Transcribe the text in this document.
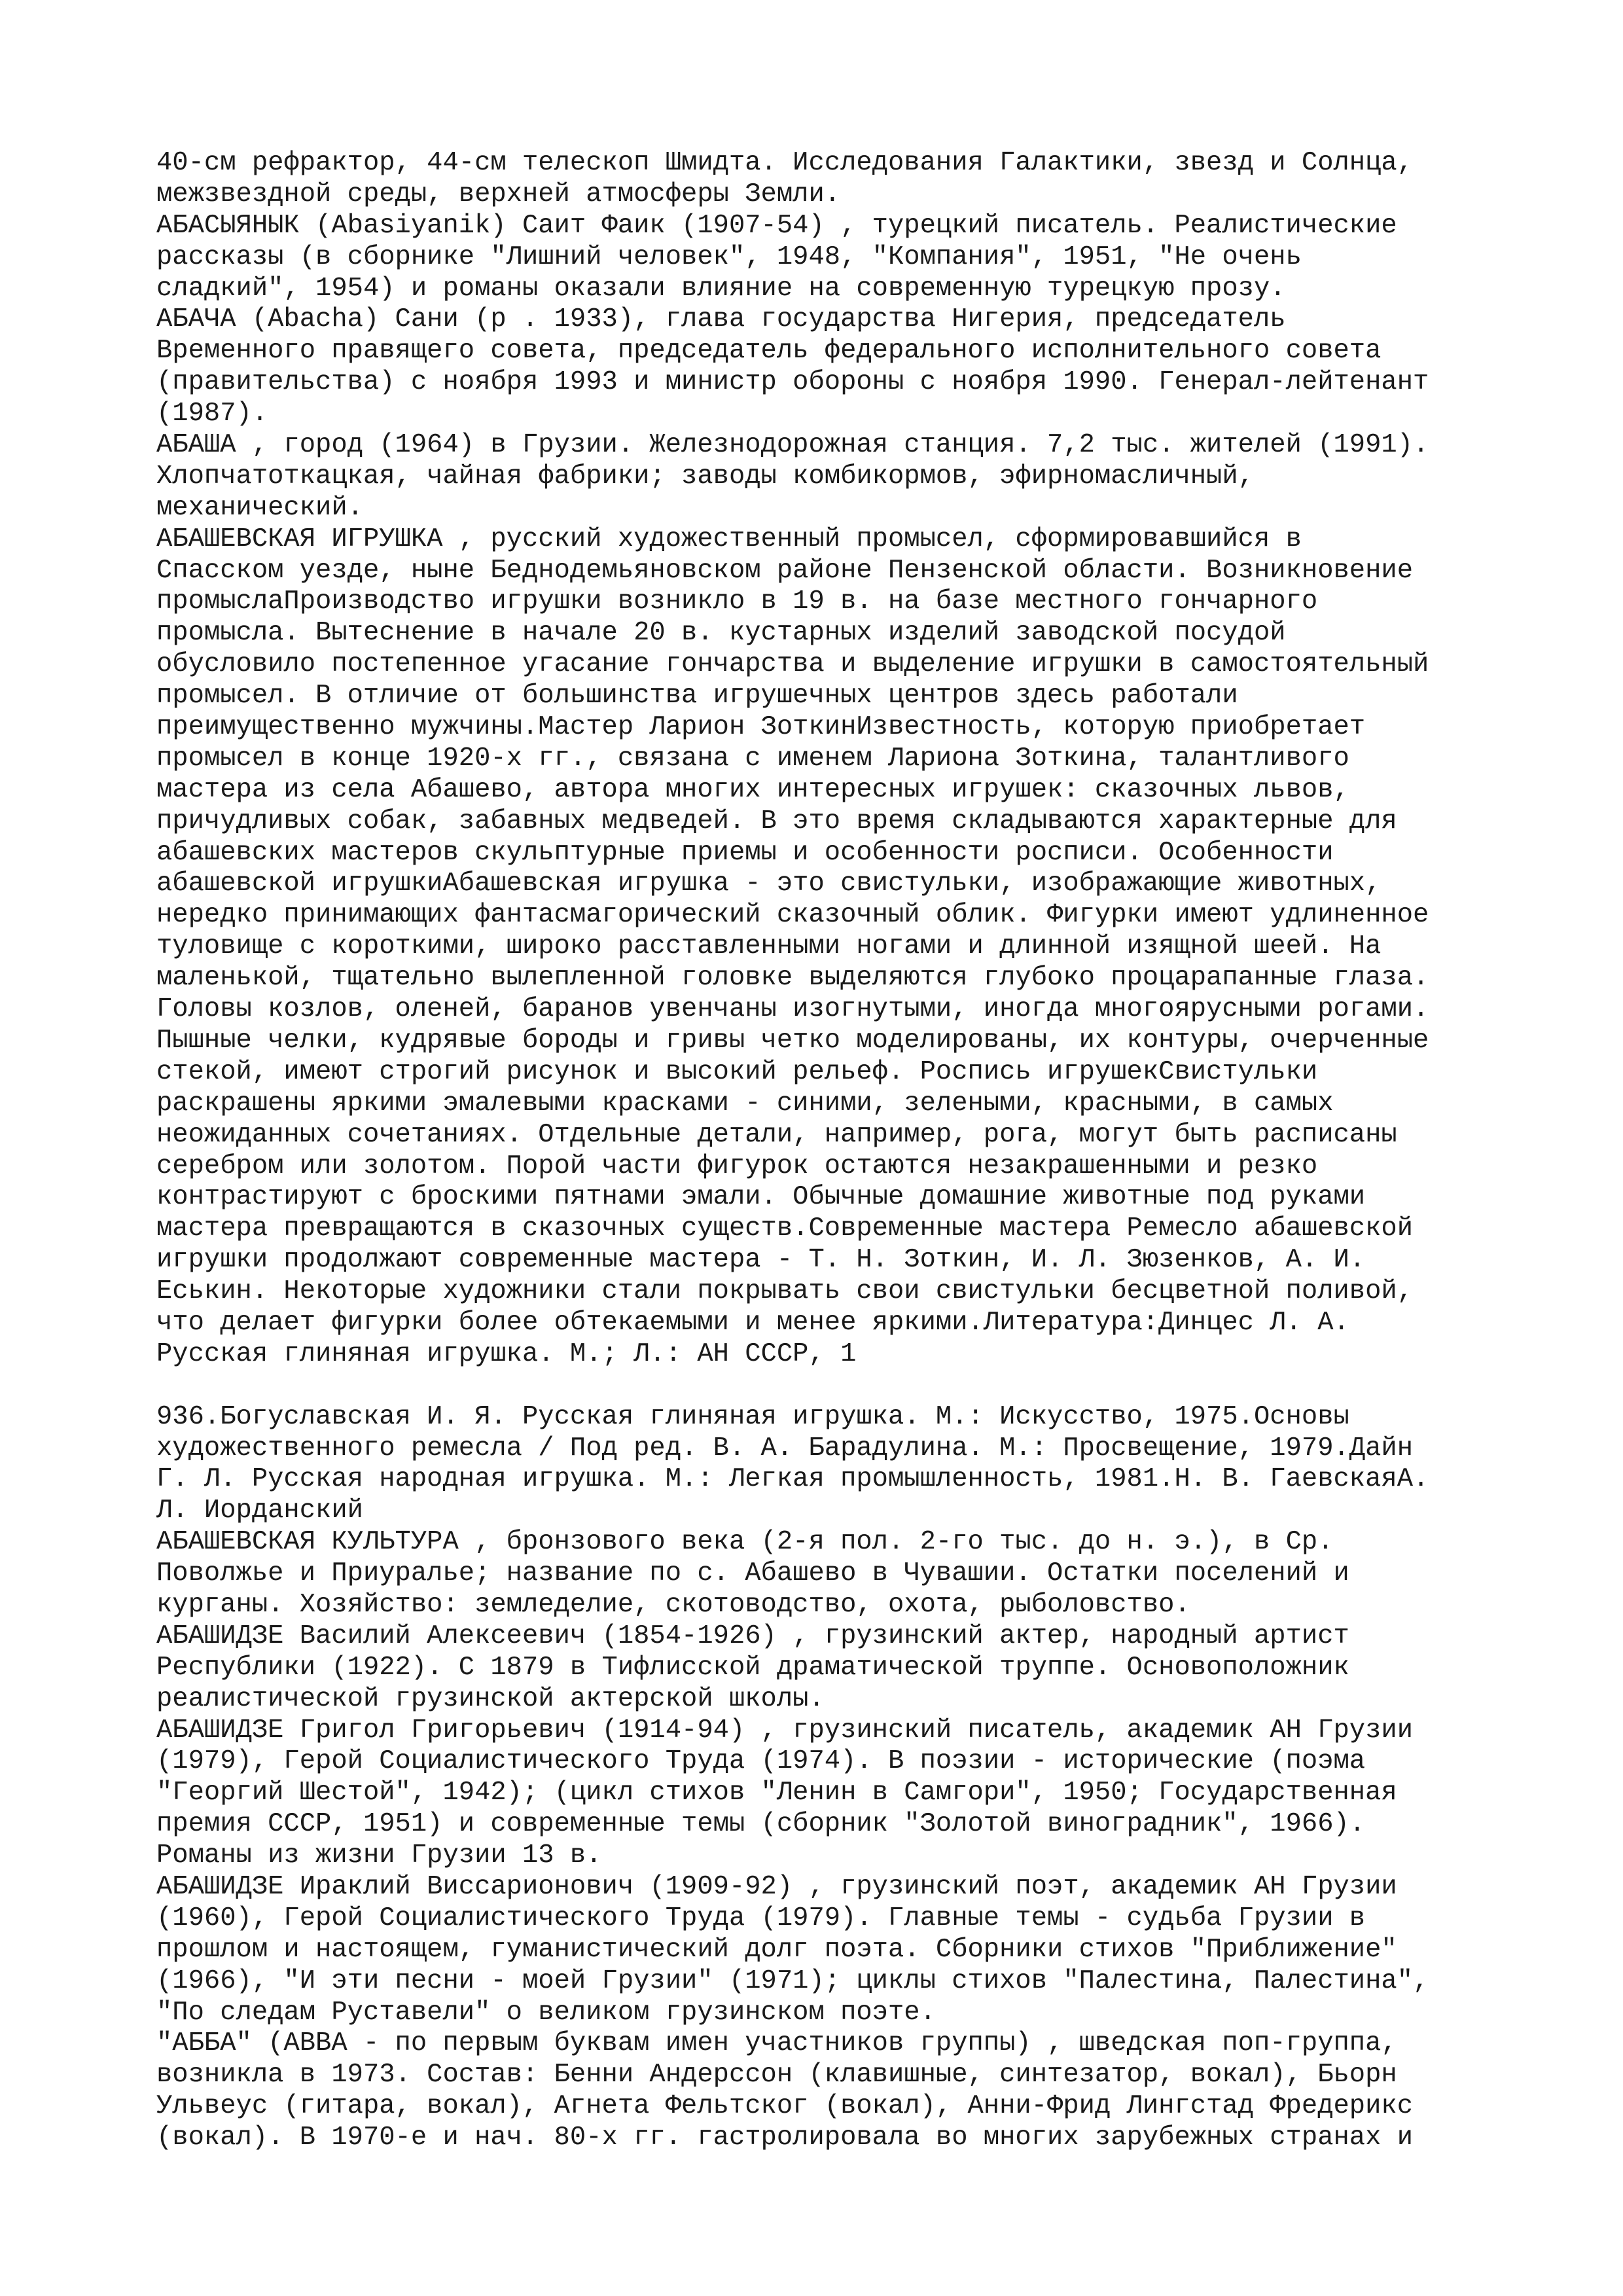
40-см рефрактор, 44-см телескоп Шмидта. Исследования Галактики, звезд и Солнца,
межзвездной среды, верхней атмосферы Земли.
АБАСЫЯНЫК (Abasiyanik) Саит Фаик (1907-54) , турецкий писатель. Реалистические
рассказы (в сборнике "Лишний человек", 1948, "Компания", 1951, "Не очень
сладкий", 1954) и романы оказали влияние на современную турецкую прозу.
АБАЧА (Abacha) Сани (р . 1933), глава государства Нигерия, председатель
Временного правящего совета, председатель федерального исполнительного совета
(правительства) с ноября 1993 и министр обороны с ноября 1990. Генерал-лейтенант
(1987).
АБАША , город (1964) в Грузии. Железнодорожная станция. 7,2 тыс. жителей (1991).
Хлопчатоткацкая, чайная фабрики; заводы комбикормов, эфирномасличный,
механический.
АБАШЕВСКАЯ ИГРУШКА , русский художественный промысел, сформировавшийся в
Спасском уезде, ныне Беднодемьяновском районе Пензенской области. Возникновение
промыслаПроизводство игрушки возникло в 19 в. на базе местного гончарного
промысла. Вытеснение в начале 20 в. кустарных изделий заводской посудой
обусловило постепенное угасание гончарства и выделение игрушки в самостоятельный
промысел. В отличие от большинства игрушечных центров здесь работали
преимущественно мужчины.Мастер Ларион ЗоткинИзвестность, которую приобретает
промысел в конце 1920-х гг., связана с именем Лариона Зоткина, талантливого
мастера из села Абашево, автора многих интересных игрушек: сказочных львов,
причудливых собак, забавных медведей. В это время складываются характерные для
абашевских мастеров скульптурные приемы и особенности росписи. Особенности
абашевской игрушкиАбашевская игрушка - это свистульки, изображающие животных,
нередко принимающих фантасмагорический сказочный облик. Фигурки имеют удлиненное
туловище с короткими, широко расставленными ногами и длинной изящной шеей. На
маленькой, тщательно вылепленной головке выделяются глубоко процарапанные глаза.
Головы козлов, оленей, баранов увенчаны изогнутыми, иногда многоярусными рогами.
Пышные челки, кудрявые бороды и гривы четко моделированы, их контуры, очерченные
стекой, имеют строгий рисунок и высокий рельеф. Роспись игрушекСвистульки
раскрашены яркими эмалевыми красками - синими, зелеными, красными, в самых
неожиданных сочетаниях. Отдельные детали, например, рога, могут быть расписаны
серебром или золотом. Порой части фигурок остаются незакрашенными и резко
контрастируют с броскими пятнами эмали. Обычные домашние животные под руками
мастера превращаются в сказочных существ.Современные мастера Ремесло абашевской
игрушки продолжают современные мастера - Т. Н. Зоткин, И. Л. Зюзенков, А. И.
Еськин. Некоторые художники стали покрывать свои свистульки бесцветной поливой,
что делает фигурки более обтекаемыми и менее яркими.Литература:Динцес Л. А.
Русская глиняная игрушка. М.; Л.: АН СССР, 1
936.Богуславская И. Я. Русская глиняная игрушка. М.: Искусство, 1975.Основы
художественного ремесла / Под ред. В. А. Барадулина. М.: Просвещение, 1979.Дайн
Г. Л. Русская народная игрушка. М.: Легкая промышленность, 1981.Н. В. ГаевскаяА.
Л. Иорданский
АБАШЕВСКАЯ КУЛЬТУРА , бронзового века (2-я пол. 2-го тыс. до н. э.), в Ср.
Поволжье и Приуралье; название по с. Абашево в Чувашии. Остатки поселений и
курганы. Хозяйство: земледелие, скотоводство, охота, рыболовство.
АБАШИДЗЕ Василий Алексеевич (1854-1926) , грузинский актер, народный артист
Республики (1922). С 1879 в Тифлисской драматической труппе. Основоположник
реалистической грузинской актерской школы.
АБАШИДЗЕ Григол Григорьевич (1914-94) , грузинский писатель, академик АН Грузии
(1979), Герой Социалистического Труда (1974). В поэзии - исторические (поэма
"Георгий Шестой", 1942); (цикл стихов "Ленин в Самгори", 1950; Государственная
премия СССР, 1951) и современные темы (сборник "Золотой виноградник", 1966).
Романы из жизни Грузии 13 в.
АБАШИДЗЕ Ираклий Виссарионович (1909-92) , грузинский поэт, академик АН Грузии
(1960), Герой Социалистического Труда (1979). Главные темы - судьба Грузии в
прошлом и настоящем, гуманистический долг поэта. Сборники стихов "Приближение"
(1966), "И эти песни - моей Грузии" (1971); циклы стихов "Палестина, Палестина",
"По следам Руставели" о великом грузинском поэте.
"АББА" (ABBA - по первым буквам имен участников группы) , шведская поп-группа,
возникла в 1973. Состав: Бенни Андерссон (клавишные, синтезатор, вокал), Бьорн
Ульвеус (гитара, вокал), Агнета Фельтског (вокал), Анни-Фрид Лингстад Фредерикс
(вокал). В 1970-е и нач. 80-х гг. гастролировала во многих зарубежных странах и
